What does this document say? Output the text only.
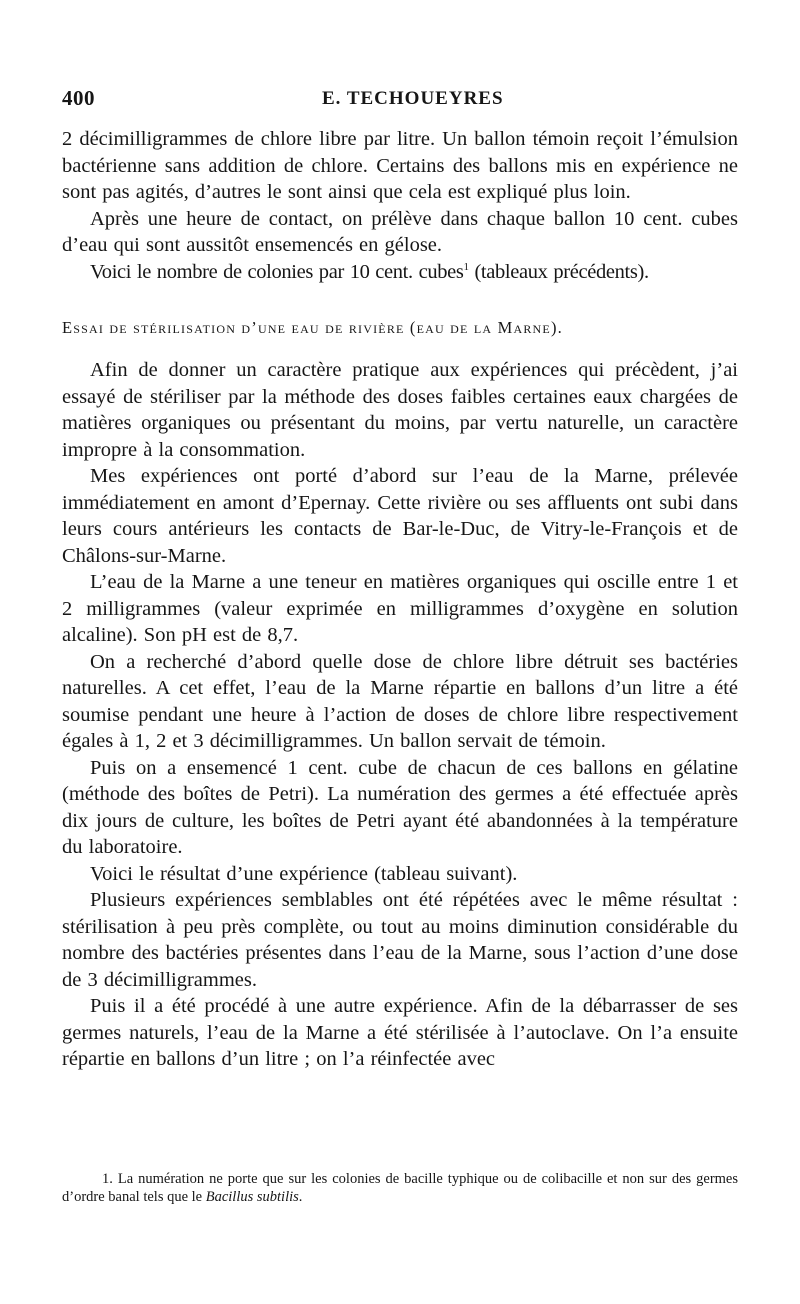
400	E. TECHOUEYRES

2 décimilligrammes de chlore libre par litre. Un ballon témoin reçoit l’émulsion bactérienne sans addition de chlore. Certains des ballons mis en expérience ne sont pas agités, d’autres le sont ainsi que cela est expliqué plus loin.

Après une heure de contact, on prélève dans chaque ballon 10 cent. cubes d’eau qui sont aussitôt ensemencés en gélose.

Voici le nombre de colonies par 10 cent. cubes$^1$ (tableaux précédents).

Essai de stérilisation d’une eau de rivière (eau de la Marne).

Afin de donner un caractère pratique aux expériences qui précèdent, j’ai essayé de stériliser par la méthode des doses faibles certaines eaux chargées de matières organiques ou présentant du moins, par vertu naturelle, un caractère impropre à la consommation.

Mes expériences ont porté d’abord sur l’eau de la Marne, prélevée immédiatement en amont d’Epernay. Cette rivière ou ses affluents ont subi dans leurs cours antérieurs les contacts de Bar-le-Duc, de Vitry-le-François et de Châlons-sur-Marne.

L’eau de la Marne a une teneur en matières organiques qui oscille entre 1 et 2 milligrammes (valeur exprimée en milligrammes d’oxygène en solution alcaline). Son pH est de 8,7.

On a recherché d’abord quelle dose de chlore libre détruit ses bactéries naturelles. A cet effet, l’eau de la Marne répartie en ballons d’un litre a été soumise pendant une heure à l’action de doses de chlore libre respectivement égales à 1, 2 et 3 décimilligrammes. Un ballon servait de témoin.

Puis on a ensemencé 1 cent. cube de chacun de ces ballons en gélatine (méthode des boîtes de Petri). La numération des germes a été effectuée après dix jours de culture, les boîtes de Petri ayant été abandonnées à la température du laboratoire.

Voici le résultat d’une expérience (tableau suivant).

Plusieurs expériences semblables ont été répétées avec le même résultat : stérilisation à peu près complète, ou tout au moins diminution considérable du nombre des bactéries présentes dans l’eau de la Marne, sous l’action d’une dose de 3 décimilligrammes.

Puis il a été procédé à une autre expérience. Afin de la débarrasser de ses germes naturels, l’eau de la Marne a été stérilisée à l’autoclave. On l’a ensuite répartie en ballons d’un litre ; on l’a réinfectée avec

1. La numération ne porte que sur les colonies de bacille typhique ou de colibacille et non sur des germes d’ordre banal tels que le Bacillus subtilis.
